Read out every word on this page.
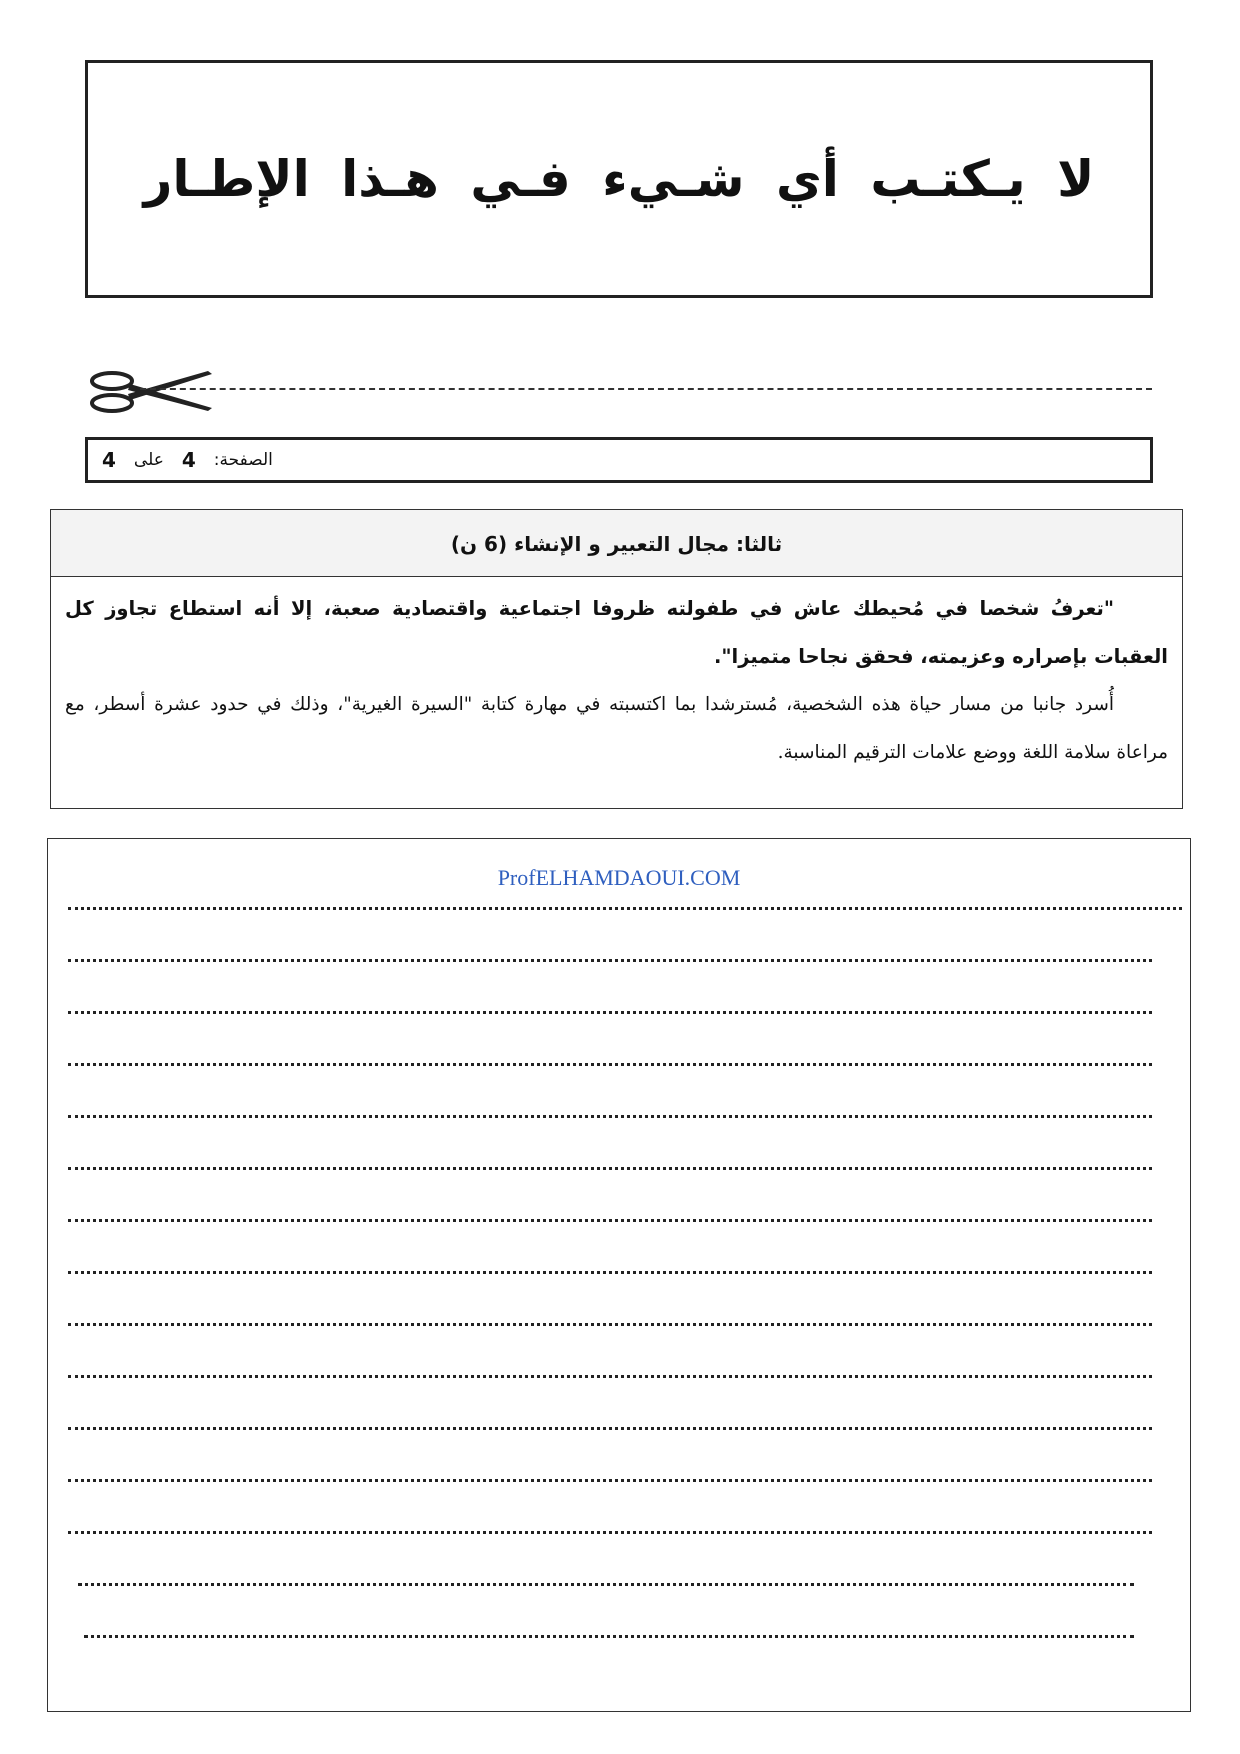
لا يـكتـب أي شـيء فـي هـذا الإطـار
الصفحة:
4
على
4
ثالثا: مجال التعبير و الإنشاء (6 ن)

"تعرفُ شخصا في مُحيطك عاش في طفولته ظروفا اجتماعية واقتصادية صعبة، إلا أنه استطاع تجاوز كل العقبات بإصراره وعزيمته، فحقق نجاحا متميزا".

أُسرد جانبا من مسار حياة هذه الشخصية، مُسترشدا بما اكتسبته في مهارة كتابة "السيرة الغيرية"، وذلك في حدود عشرة أسطر، مع مراعاة سلامة اللغة ووضع علامات الترقيم المناسبة.

ProfELHAMDAOUI.COM
